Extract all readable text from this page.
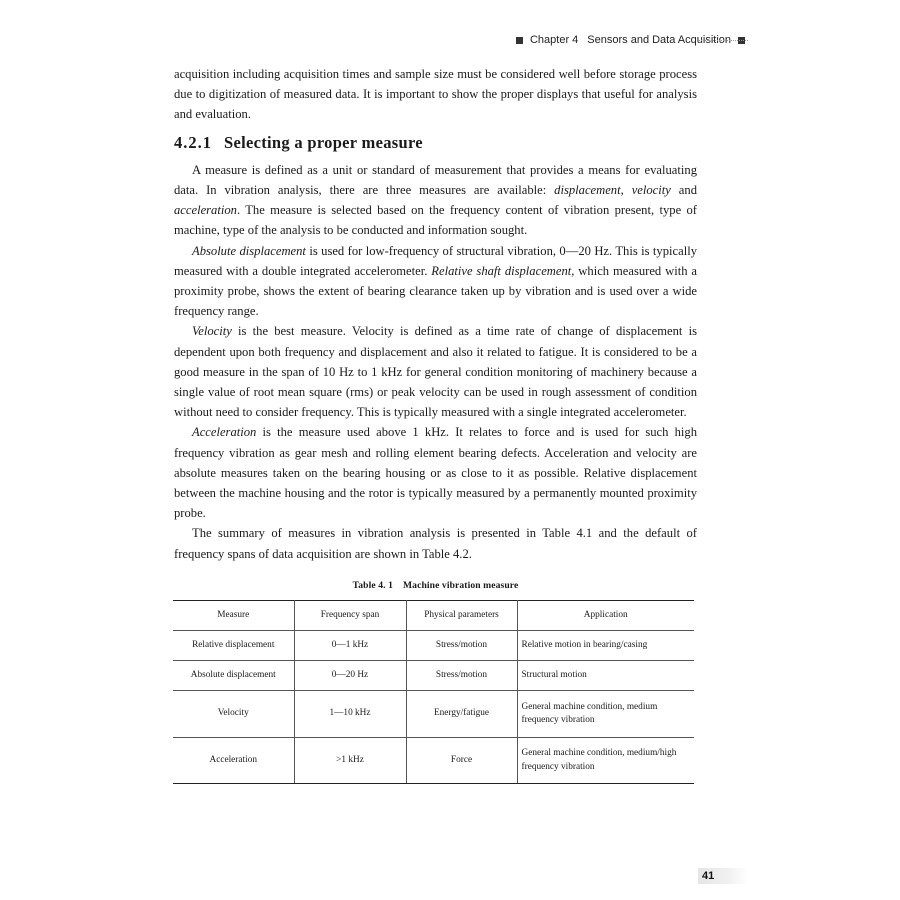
Chapter 4 Sensors and Data Acquisition

acquisition including acquisition times and sample size must be considered well before storage process due to digitization of measured data. It is important to show the proper displays that useful for analysis and evaluation.

4.2.1 Selecting a proper measure

A measure is defined as a unit or standard of measurement that provides a means for evaluating data. In vibration analysis, there are three measures are available: displacement, velocity and acceleration. The measure is selected based on the frequency content of vibration present, type of machine, type of the analysis to be conducted and information sought.

Absolute displacement is used for low-frequency of structural vibration, 0—20 Hz. This is typically measured with a double integrated accelerometer. Relative shaft displacement, which measured with a proximity probe, shows the extent of bearing clearance taken up by vibration and is used over a wide frequency range.

Velocity is the best measure. Velocity is defined as a time rate of change of displacement is dependent upon both frequency and displacement and also it related to fatigue. It is considered to be a good measure in the span of 10 Hz to 1 kHz for general condition monitoring of machinery because a single value of root mean square (rms) or peak velocity can be used in rough assessment of condition without need to consider frequency. This is typically measured with a single integrated accelerometer.

Acceleration is the measure used above 1 kHz. It relates to force and is used for such high frequency vibration as gear mesh and rolling element bearing defects. Acceleration and velocity are absolute measures taken on the bearing housing or as close to it as possible. Relative displacement between the machine housing and the rotor is typically measured by a permanently mounted proximity probe.

The summary of measures in vibration analysis is presented in Table 4.1 and the default of frequency spans of data acquisition are shown in Table 4.2.

Table 4. 1 Machine vibration measure
Measure	Frequency span	Physical parameters	Application
Relative displacement	0—1 kHz	Stress/motion	Relative motion in bearing/casing
Absolute displacement	0—20 Hz	Stress/motion	Structural motion
Velocity	1—10 kHz	Energy/fatigue	General machine condition, medium frequency vibration
Acceleration	>1 kHz	Force	General machine condition, medium/high frequency vibration
41
